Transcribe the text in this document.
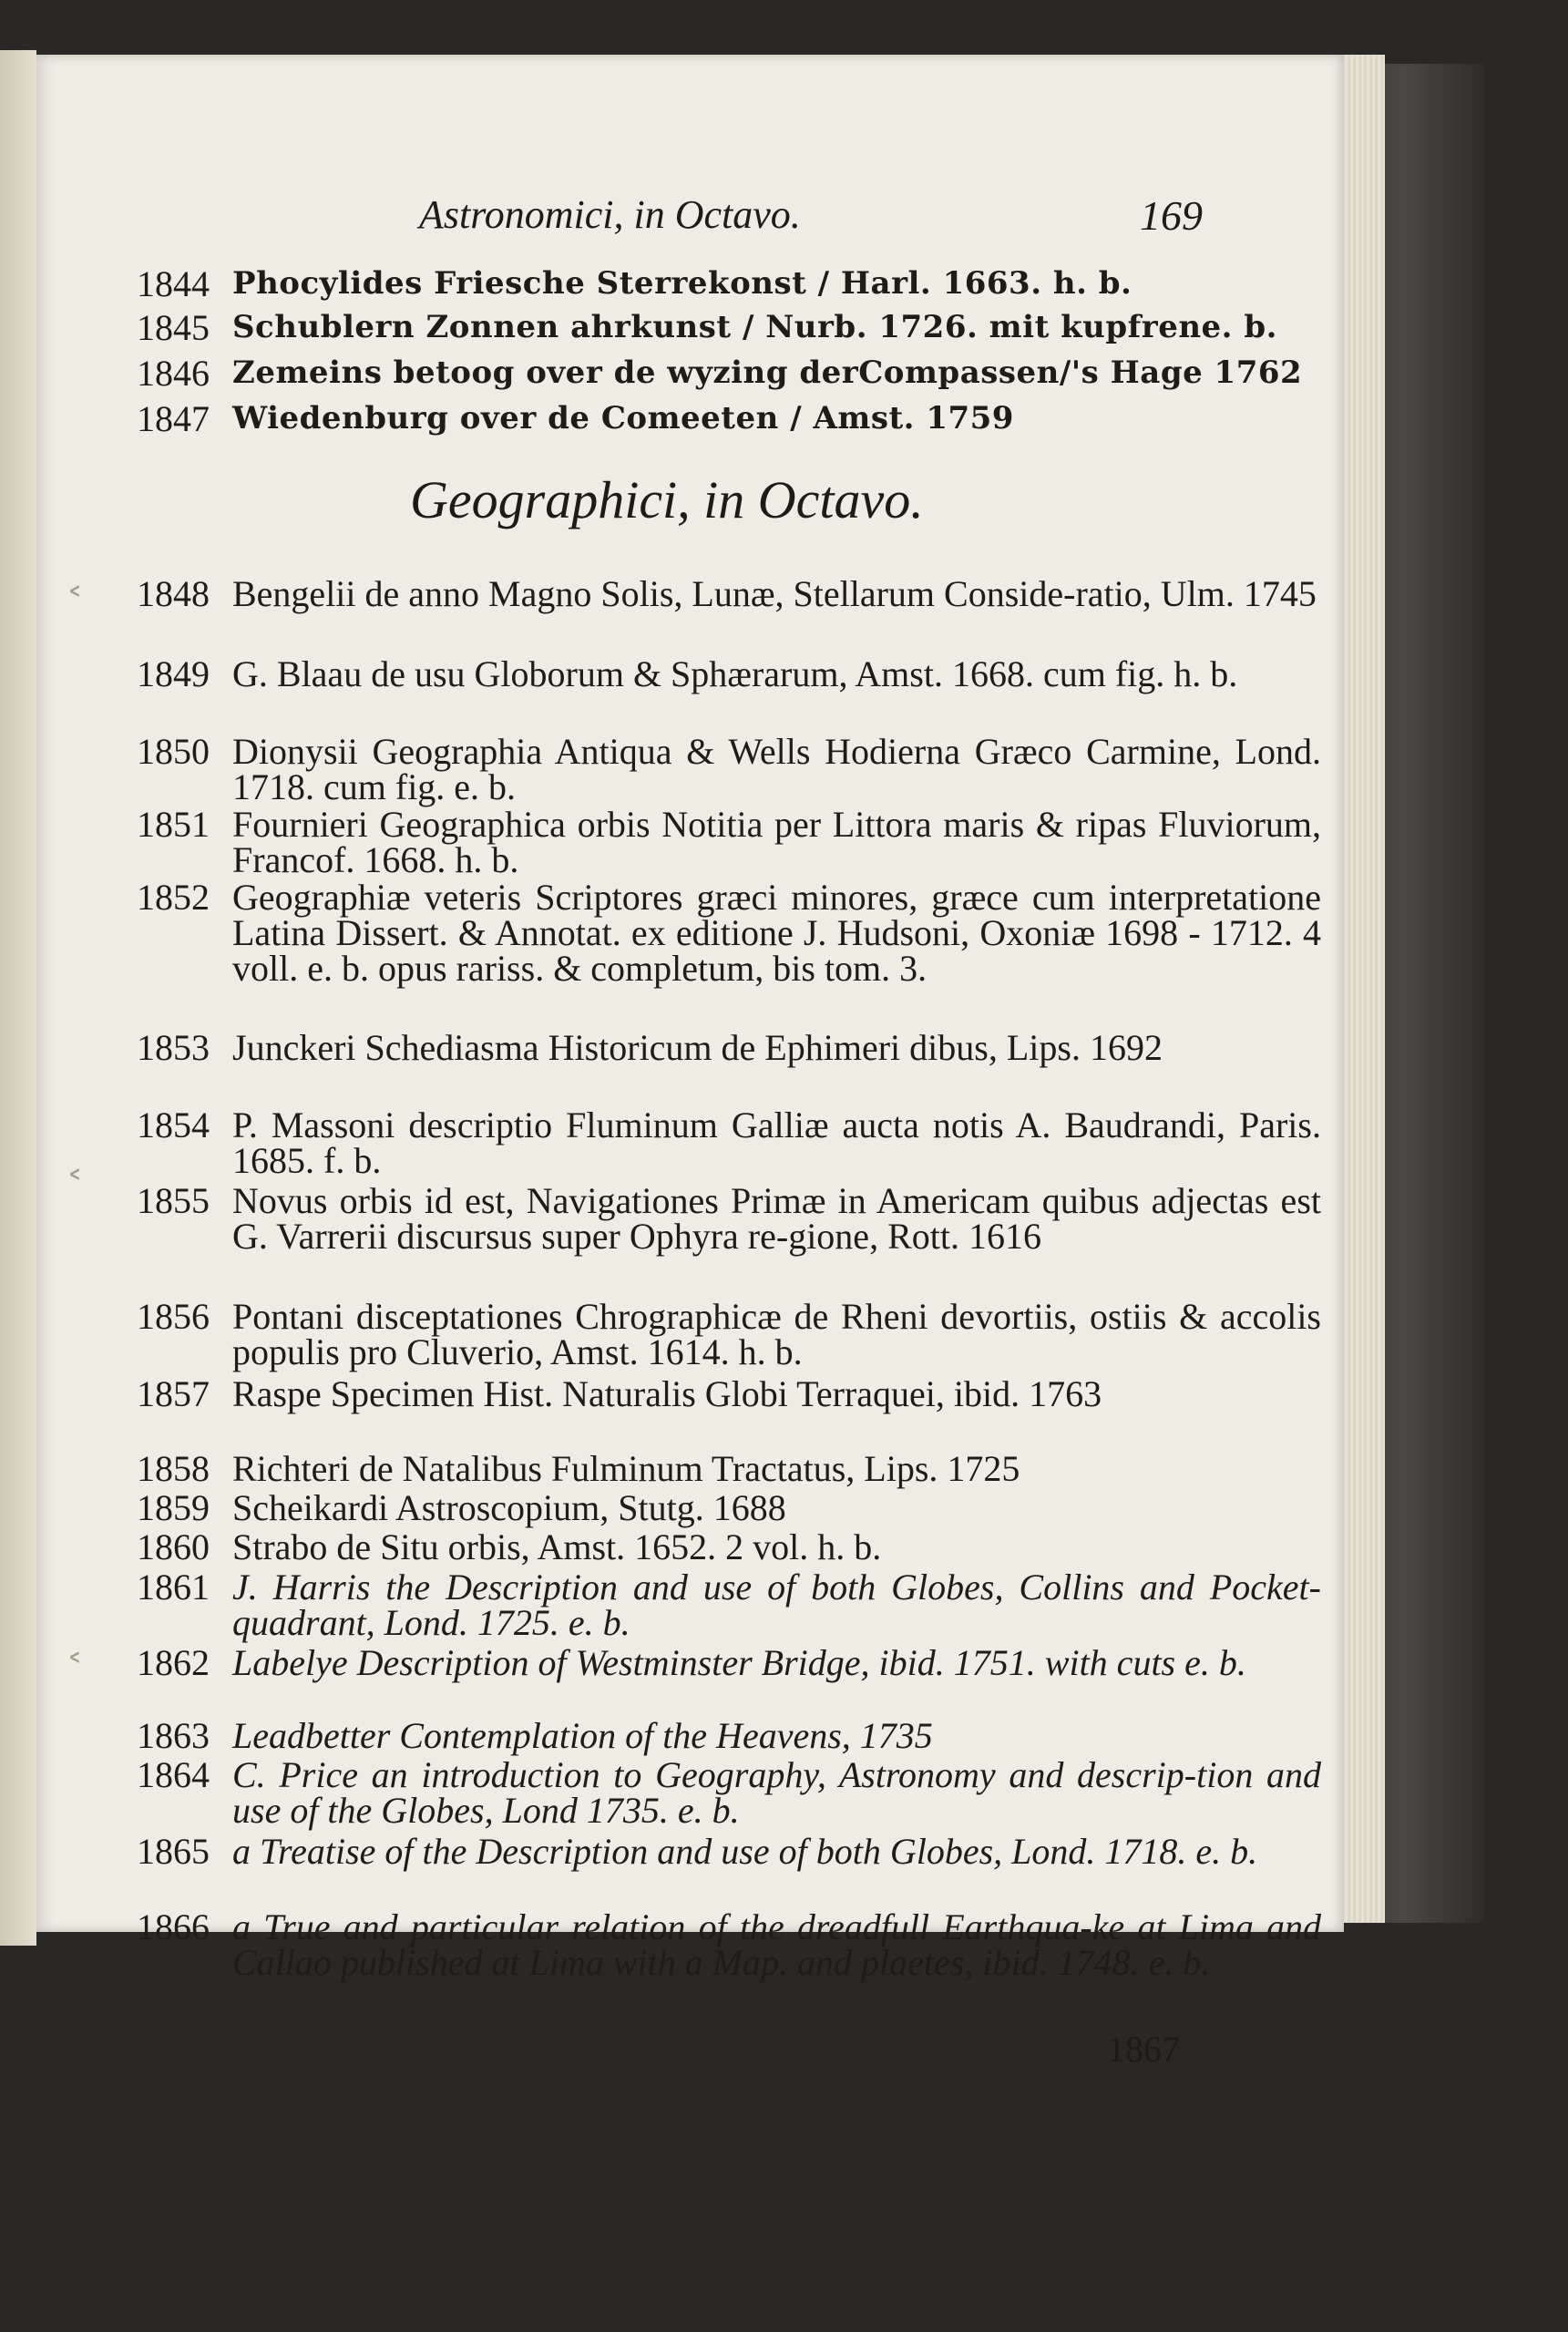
˂
˂
˂
Astronomici, in Octavo.	169
1844 Phocylides Friesche Sterrekonst / Harl. 1663. h. b.
1845 Schublern Zonnen ahrkunst / Nurb. 1726. mit kupfrene. b.
1846 Zemeins betoog over de wyzing derCompassen/'s Hage 1762
1847 Wiedenburg over de Comeeten / Amst. 1759
Geographici, in Octavo.
1848 Bengelii de anno Magno Solis, Lunæ, Stellarum Conside-ratio, Ulm. 1745
1849 G. Blaau de usu Globorum & Sphærarum, Amst. 1668. cum fig. h. b.
1850 Dionysii Geographia Antiqua & Wells Hodierna Græco Carmine, Lond. 1718. cum fig. e. b.
1851 Fournieri Geographica orbis Notitia per Littora maris & ripas Fluviorum, Francof. 1668. h. b.
1852 Geographiæ veteris Scriptores græci minores, græce cum interpretatione Latina Dissert. & Annotat. ex editione J. Hudsoni, Oxoniæ 1698 - 1712. 4 voll. e. b. opus rariss. & completum, bis tom. 3.
1853 Junckeri Schediasma Historicum de Ephimeri dibus, Lips. 1692
1854 P. Massoni descriptio Fluminum Galliæ aucta notis A. Baudrandi, Paris. 1685. f. b.
1855 Novus orbis id est, Navigationes Primæ in Americam quibus adjectas est G. Varrerii discursus super Ophyra re-gione, Rott. 1616
1856 Pontani disceptationes Chrographicæ de Rheni devortiis, ostiis & accolis populis pro Cluverio, Amst. 1614. h. b.
1857 Raspe Specimen Hist. Naturalis Globi Terraquei, ibid. 1763
1858 Richteri de Natalibus Fulminum Tractatus, Lips. 1725
1859 Scheikardi Astroscopium, Stutg. 1688
1860 Strabo de Situ orbis, Amst. 1652. 2 vol. h. b.
1861 J. Harris the Description and use of both Globes, Collins and Pocket-quadrant, Lond. 1725. e. b.
1862 Labelye Description of Westminster Bridge, ibid. 1751. with cuts e. b.
1863 Leadbetter Contemplation of the Heavens, 1735
1864 C. Price an introduction to Geography, Astronomy and descrip-tion and use of the Globes, Lond 1735. e. b.
1865 a Treatise of the Description and use of both Globes, Lond. 1718. e. b.
1866 a True and particular relation of the dreadfull Earthqua-ke at Lima and Callao published at Lima with a Map. and plaetes, ibid. 1748. e. b.
1867
